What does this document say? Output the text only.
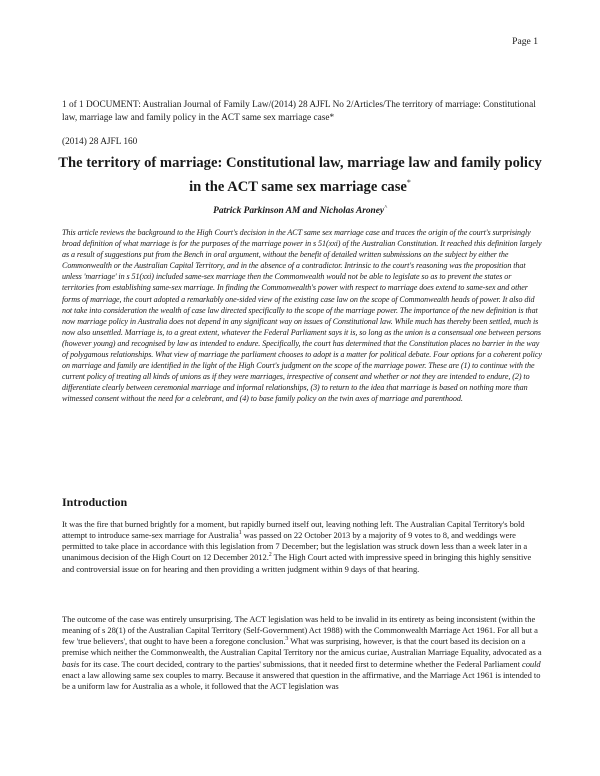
Page 1
1 of 1 DOCUMENT: Australian Journal of Family Law/(2014) 28 AJFL No 2/Articles/The territory of marriage: Constitutional law, marriage law and family policy in the ACT same sex marriage case*
(2014) 28 AJFL 160
The territory of marriage: Constitutional law, marriage law and family policy in the ACT same sex marriage case*
Patrick Parkinson AM and Nicholas Aroney^
This article reviews the background to the High Court's decision in the ACT same sex marriage case and traces the origin of the court's surprisingly broad definition of what marriage is for the purposes of the marriage power in s 51(xxi) of the Australian Constitution. It reached this definition largely as a result of suggestions put from the Bench in oral argument, without the benefit of detailed written submissions on the subject by either the Commonwealth or the Australian Capital Territory, and in the absence of a contradictor. Intrinsic to the court's reasoning was the proposition that unless 'marriage' in s 51(xxi) included same-sex marriage then the Commonwealth would not be able to legislate so as to prevent the states or territories from establishing same-sex marriage. In finding the Commonwealth's power with respect to marriage does extend to same-sex and other forms of marriage, the court adopted a remarkably one-sided view of the existing case law on the scope of Commonwealth heads of power. It also did not take into consideration the wealth of case law directed specifically to the scope of the marriage power. The importance of the new definition is that now marriage policy in Australia does not depend in any significant way on issues of Constitutional law. While much has thereby been settled, much is now also unsettled. Marriage is, to a great extent, whatever the Federal Parliament says it is, so long as the union is a consensual one between persons (however young) and recognised by law as intended to endure. Specifically, the court has determined that the Constitution places no barrier in the way of polygamous relationships. What view of marriage the parliament chooses to adopt is a matter for political debate. Four options for a coherent policy on marriage and family are identified in the light of the High Court's judgment on the scope of the marriage power. These are (1) to continue with the current policy of treating all kinds of unions as if they were marriages, irrespective of consent and whether or not they are intended to endure, (2) to differentiate clearly between ceremonial marriage and informal relationships, (3) to return to the idea that marriage is based on nothing more than witnessed consent without the need for a celebrant, and (4) to base family policy on the twin axes of marriage and parenthood.
Introduction
It was the fire that burned brightly for a moment, but rapidly burned itself out, leaving nothing left. The Australian Capital Territory's bold attempt to introduce same-sex marriage for Australia$^1$ was passed on 22 October 2013 by a majority of 9 votes to 8, and weddings were permitted to take place in accordance with this legislation from 7 December; but the legislation was struck down less than a week later in a unanimous decision of the High Court on 12 December 2012.$^2$ The High Court acted with impressive speed in bringing this highly sensitive and controversial issue on for hearing and then providing a written judgment within 9 days of that hearing.
The outcome of the case was entirely unsurprising. The ACT legislation was held to be invalid in its entirety as being inconsistent (within the meaning of s 28(1) of the Australian Capital Territory (Self-Government) Act 1988) with the Commonwealth Marriage Act 1961. For all but a few 'true believers', that ought to have been a foregone conclusion.$^3$ What was surprising, however, is that the court based its decision on a premise which neither the Commonwealth, the Australian Capital Territory nor the amicus curiae, Australian Marriage Equality, advocated as a basis for its case. The court decided, contrary to the parties' submissions, that it needed first to determine whether the Federal Parliament could enact a law allowing same sex couples to marry. Because it answered that question in the affirmative, and the Marriage Act 1961 is intended to be a uniform law for Australia as a whole, it followed that the ACT legislation was
